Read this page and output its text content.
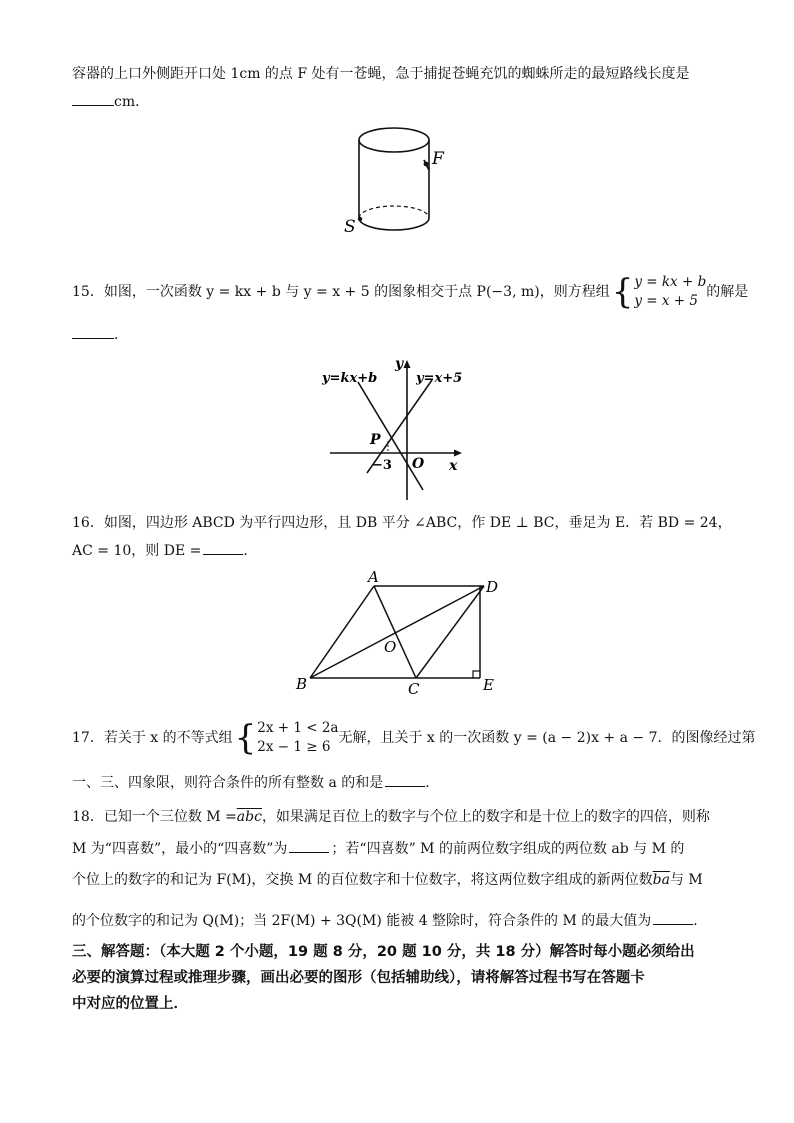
容器的上口外侧距开口处 1cm 的点 F 处有一苍蝇，急于捕捉苍蝇充饥的蜘蛛所走的最短路线长度是
cm．
F
S
15．如图，一次函数 y = kx + b 与 y = x + 5 的图象相交于点 P(−3, m)，则方程组 { y = kx + b
y = x + 5
的解是
．
y=kx+b	y=x+5
y
x
P
O
−3
16．如图，四边形 ABCD 为平行四边形，且 DB 平分 ∠ABC，作 DE ⊥ BC，垂足为 E．若 BD = 24，
AC = 10，则 DE =	．
A
B	C
D
E
O
17．若关于 x 的不等式组 { 2x + 1 < 2a
2x − 1 ≥ 6
无解，且关于 x 的一次函数 y = (a − 2)x + a − 7．的图像经过第
一、三、四象限，则符合条件的所有整数 a 的和是	．
18．已知一个三位数 $M =\overline{abc}$，如果满足百位上的数字与个位上的数字和是十位上的数字的四倍，则称
M 为“四喜数”，最小的“四喜数”为	；若“四喜数” M 的前两位数字组成的两位数 ab 与 M 的
个位上的数字的和记为 F(M)，交换 M 的百位数字和十位数字，将这两位数字组成的新两位数$\overline{ba}$与 M
的个位数字的和记为 Q(M)；当 2F(M) + 3Q(M) 能被 4 整除时，符合条件的 M 的最大值为	．
三、解答题：（本大题 2 个小题，19 题 8 分，20 题 10 分，共 18 分）解答时每小题必须给出
必要的演算过程或推理步骤，画出必要的图形（包括辅助线），请将解答过程书写在答题卡
中对应的位置上．
